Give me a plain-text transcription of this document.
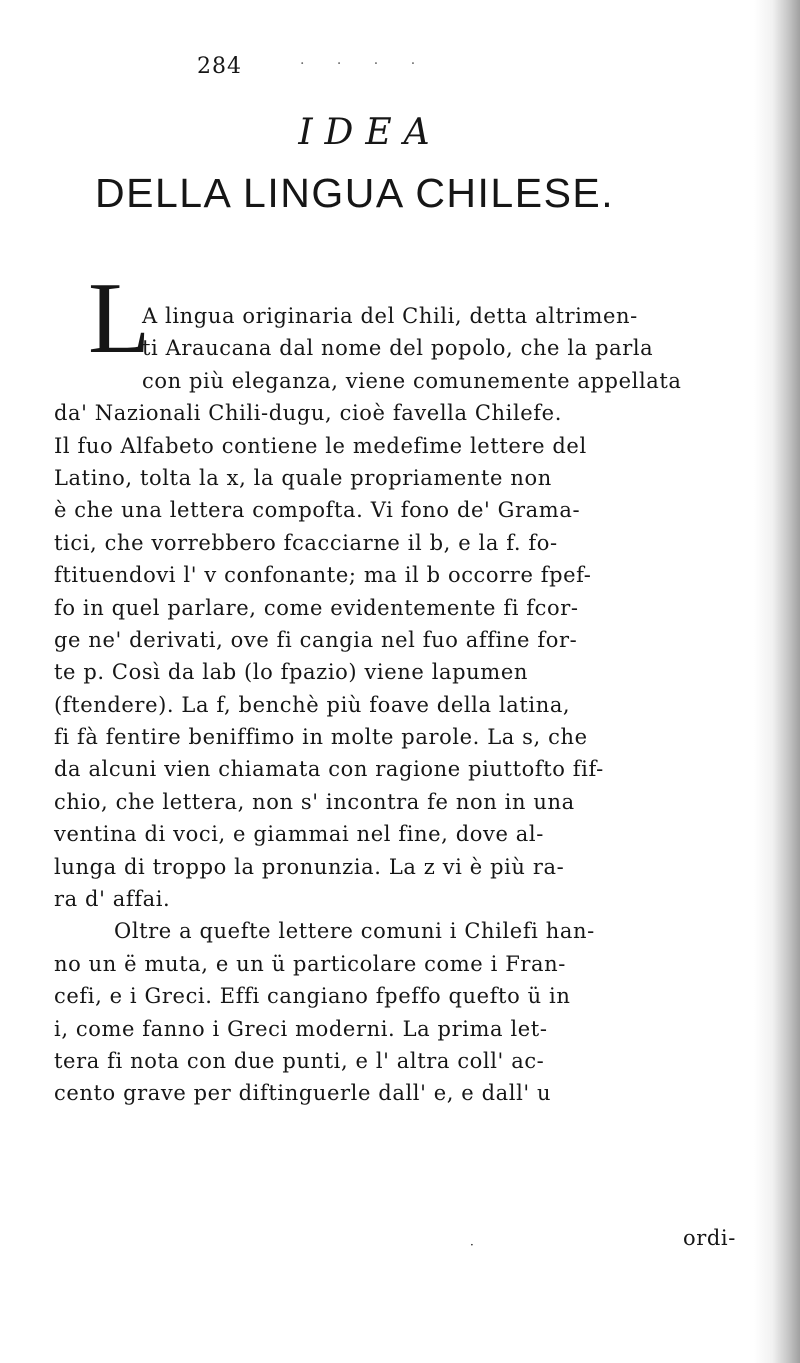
284	· · · ·
IDEA
DELLA LINGUA CHILESE.
L
A lingua originaria del Chili, detta altrimen-
ti Araucana dal nome del popolo, che la parla
con più eleganza, viene comunemente appellata
da' Nazionali Chili-dugu, cioè favella Chilefe.
Il fuo Alfabeto contiene le medefime lettere del
Latino, tolta la x, la quale propriamente non
è che una lettera compofta. Vi fono de' Grama-
tici, che vorrebbero fcacciarne il b, e la f. fo-
ftituendovi l' v confonante; ma il b occorre fpef-
fo in quel parlare, come evidentemente fi fcor-
ge ne' derivati, ove fi cangia nel fuo affine for-
te p. Così da lab (lo fpazio) viene lapumen
(ftendere). La f, benchè più foave della latina,
fi fà fentire beniffimo in molte parole. La s, che
da alcuni vien chiamata con ragione piuttofto fif-
chio, che lettera, non s' incontra fe non in una
ventina di voci, e giammai nel fine, dove al-
lunga di troppo la pronunzia. La z vi è più ra-
ra d' affai.
Oltre a quefte lettere comuni i Chilefi han-
no un ë muta, e un ü particolare come i Fran-
cefi, e i Greci. Effi cangiano fpeffo quefto ü in
i, come fanno i Greci moderni. La prima let-
tera fi nota con due punti, e l' altra coll' ac-
cento grave per diftinguerle dall' e, e dall' u
·	ordi-
